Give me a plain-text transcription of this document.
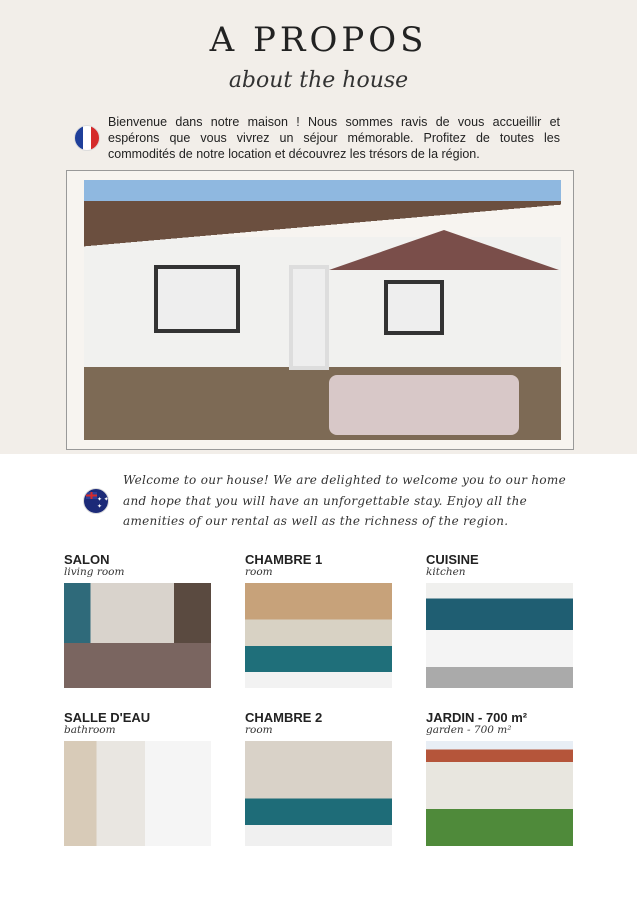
A PROPOS
about the house

Bienvenue dans notre maison ! Nous sommes ravis de vous accueillir et espérons que vous vivrez un séjour mémorable. Profitez de toutes les commodités de notre location et découvrez les trésors de la région.

✦ ✦ ✦

Welcome to our house! We are delighted to welcome you to our home and hope that you will have an unforgettable stay. Enjoy all the amenities of our rental as well as the richness of the region.

SALON
living room
CHAMBRE 1
room
CUISINE
kitchen
SALLE D'EAU
bathroom
CHAMBRE 2
room
JARDIN - 700 m²
garden - 700 m²
